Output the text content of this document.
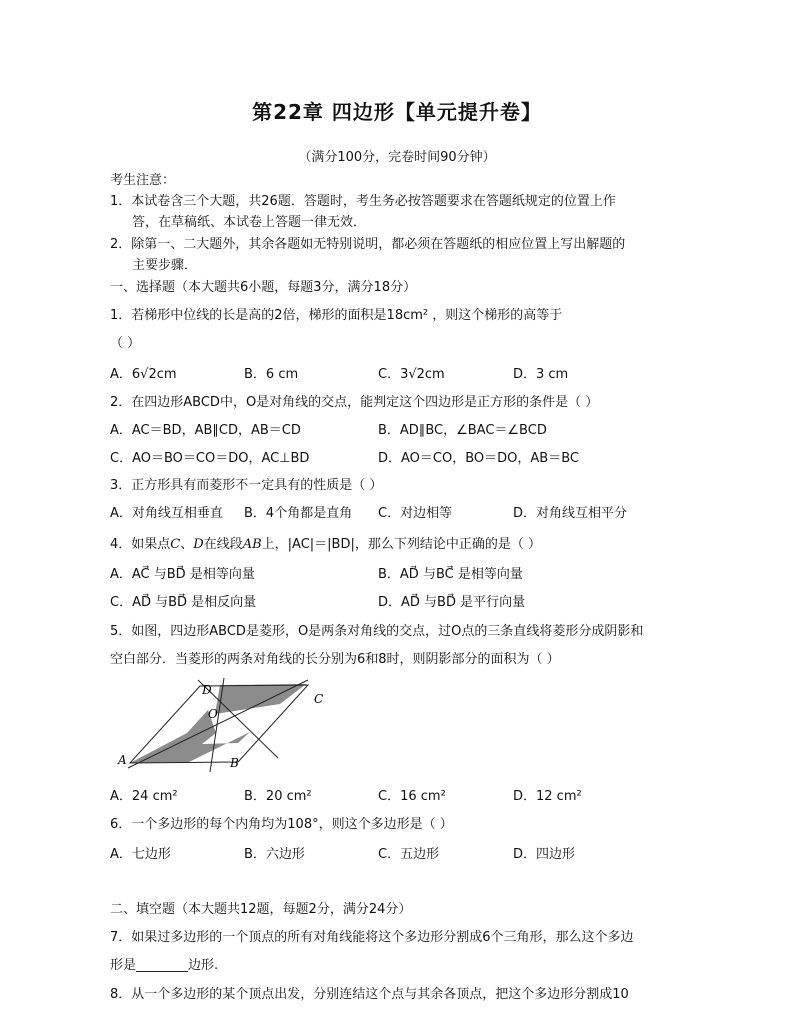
第22章 四边形【单元提升卷】
（满分100分，完卷时间90分钟）
考生注意：
1．本试卷含三个大题，共26题．答题时，考生务必按答题要求在答题纸规定的位置上作
答，在草稿纸、本试卷上答题一律无效．
2．除第一、二大题外，其余各题如无特别说明，都必须在答题纸的相应位置上写出解题的
主要步骤．
一、选择题（本大题共6小题，每题3分，满分18分）
1．若梯形中位线的长是高的2倍，梯形的面积是18cm² ，则这个梯形的高等于
（ ）
A．6√2cm	B．6 cm	C．3√2cm	D．3 cm
2．在四边形ABCD中，O是对角线的交点，能判定这个四边形是正方形的条件是（ ）
A．AC＝BD，AB∥CD，AB＝CD	B．AD∥BC，∠BAC＝∠BCD
C．AO＝BO＝CO＝DO，AC⊥BD	D．AO＝CO，BO＝DO，AB＝BC
3．正方形具有而菱形不一定具有的性质是（ ）
A．对角线互相垂直 B．4个角都是直角 C．对边相等	D．对角线互相平分
4．如果点C、D在线段AB上，|AC|＝|BD|，那么下列结论中正确的是（ ）
A．AC⃗ 与BD⃗ 是相等向量	B．AD⃗ 与BC⃗ 是相等向量
C．AD⃗ 与BD⃗ 是相反向量	D．AD⃗ 与BD⃗ 是平行向量
5．如图，四边形ABCD是菱形，O是两条对角线的交点，过O点的三条直线将菱形分成阴影和
空白部分．当菱形的两条对角线的长分别为6和8时，则阴影部分的面积为（ ）
A	B
C
D
O
A．24 cm²	B．20 cm²	C．16 cm²	D．12 cm²
6．一个多边形的每个内角均为108°，则这个多边形是（ ）
A．七边形	B．六边形	C．五边形	D．四边形
二、填空题（本大题共12题，每题2分，满分24分）
7．如果过多边形的一个顶点的所有对角线能将这个多边形分割成6个三角形，那么这个多边
形是________边形.
8．从一个多边形的某个顶点出发，分别连结这个点与其余各顶点，把这个多边形分割成10
